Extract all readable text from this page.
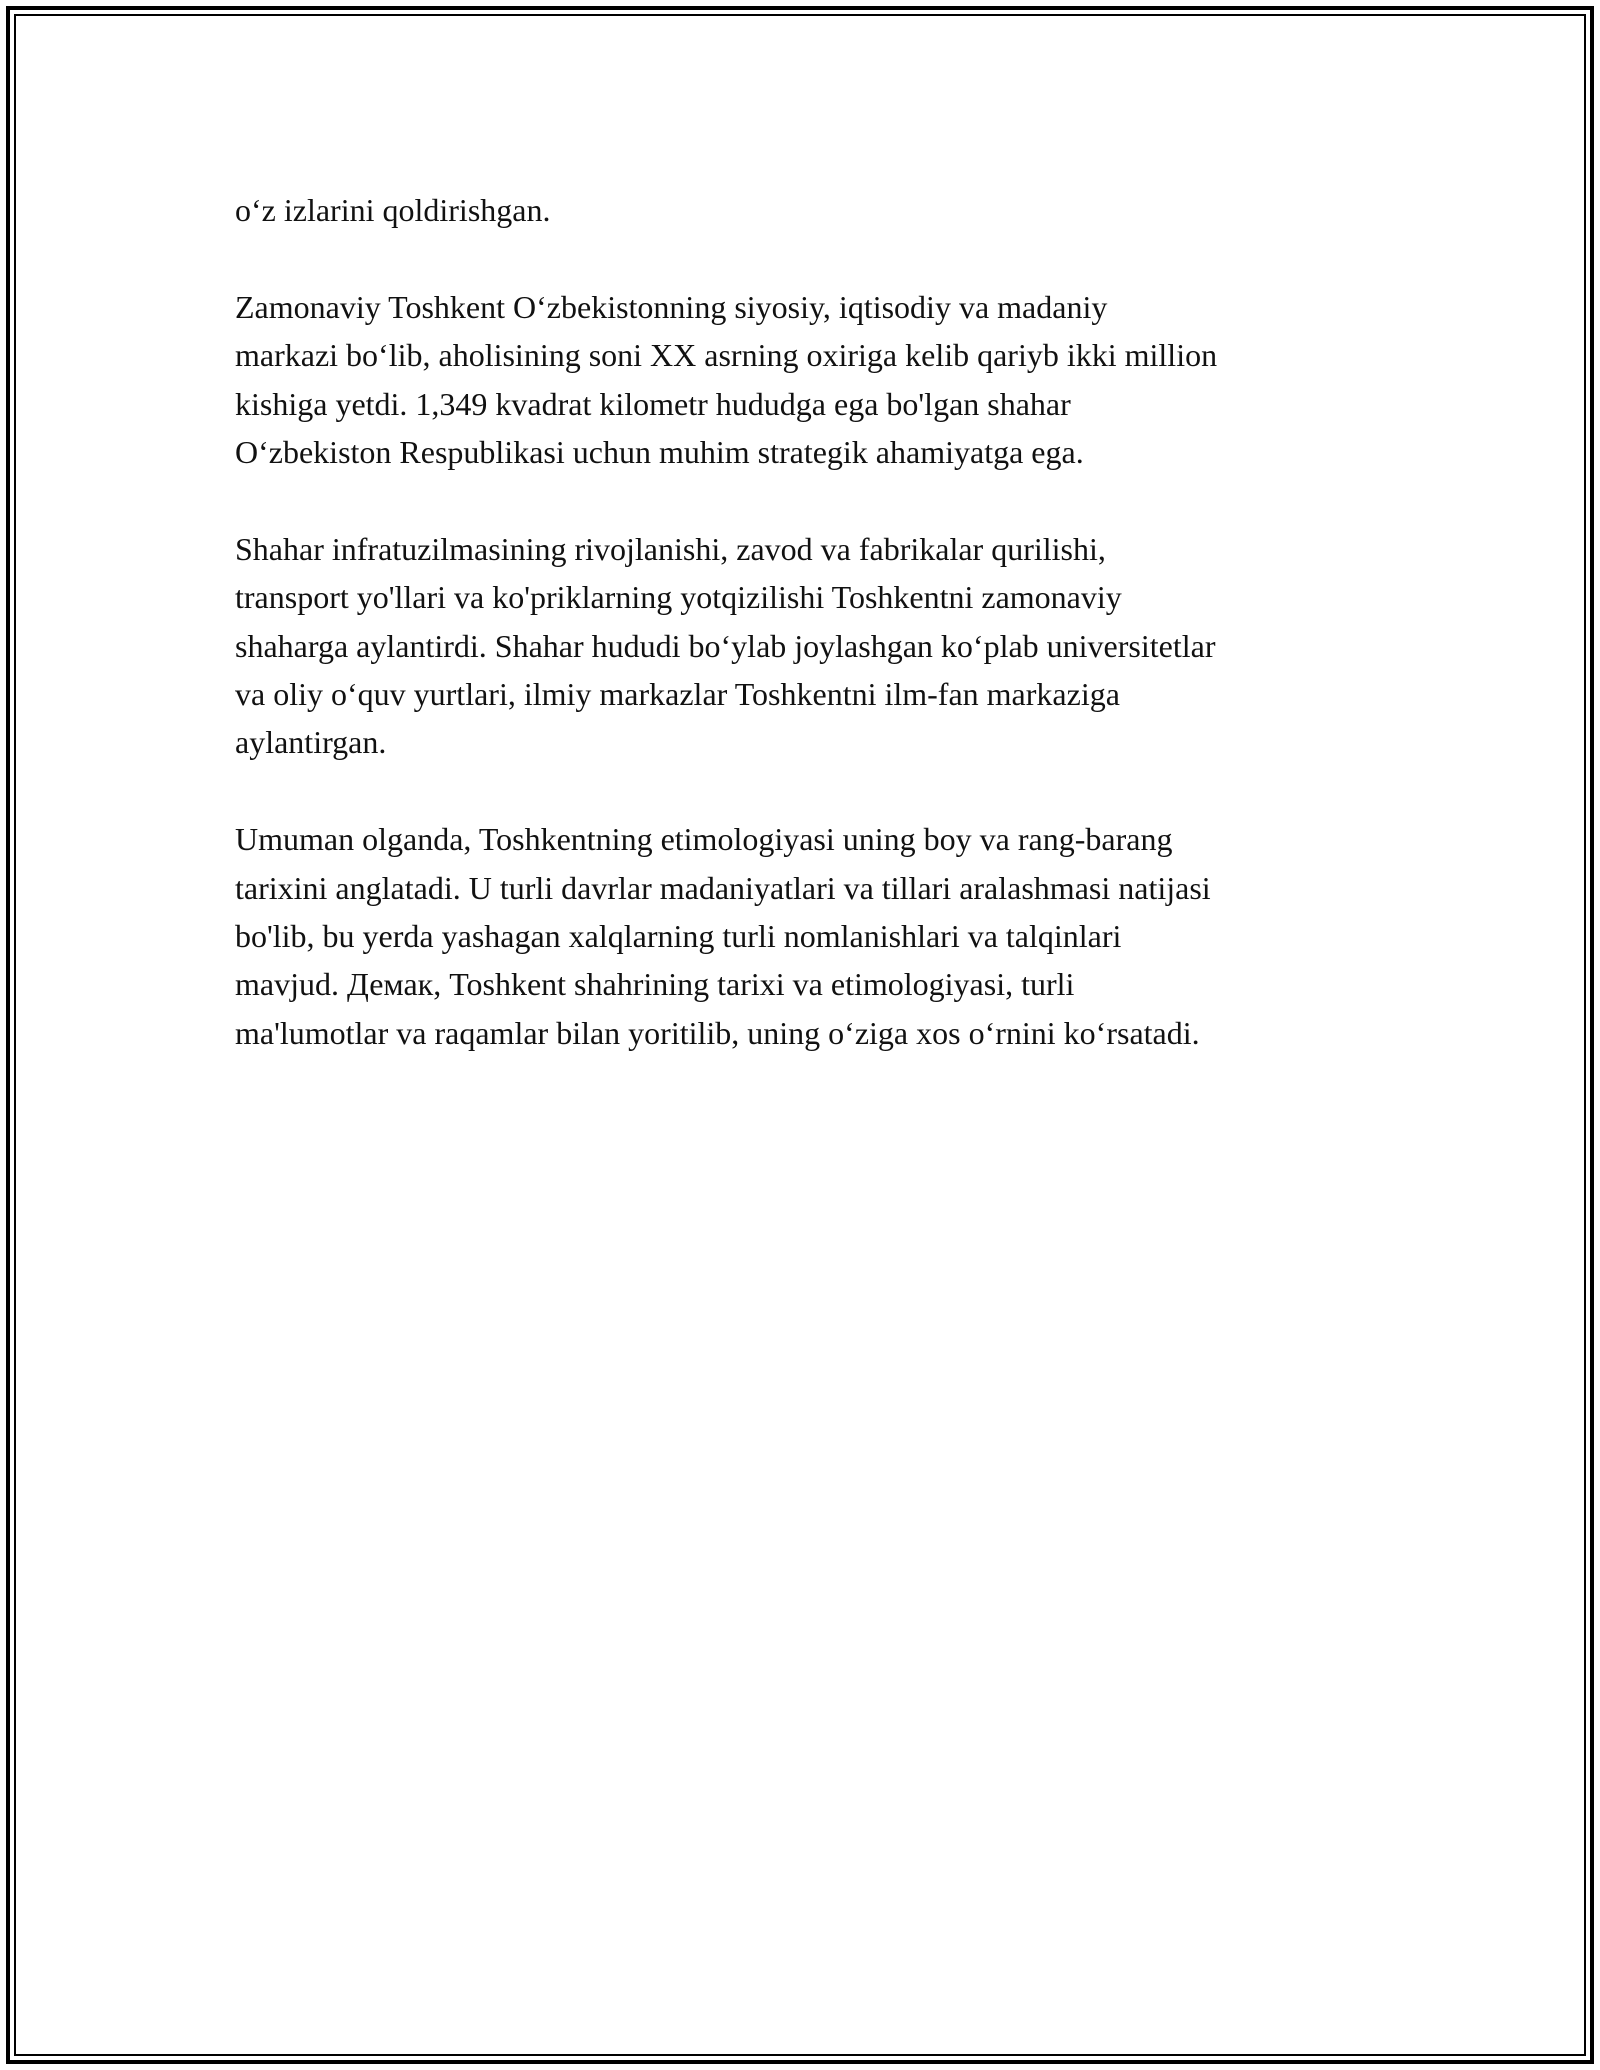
o‘z izlarini qoldirishgan.

Zamonaviy Toshkent O‘zbekistonning siyosiy, iqtisodiy va madaniy
markazi bo‘lib, aholisining soni XX asrning oxiriga kelib qariyb ikki million
kishiga yetdi. 1,349 kvadrat kilometr hududga ega bo'lgan shahar
O‘zbekiston Respublikasi uchun muhim strategik ahamiyatga ega.

Shahar infratuzilmasining rivojlanishi, zavod va fabrikalar qurilishi,
transport yo'llari va ko'priklarning yotqizilishi Toshkentni zamonaviy
shaharga aylantirdi. Shahar hududi bo‘ylab joylashgan ko‘plab universitetlar
va oliy o‘quv yurtlari, ilmiy markazlar Toshkentni ilm-fan markaziga
aylantirgan.

Umuman olganda, Toshkentning etimologiyasi uning boy va rang-barang
tarixini anglatadi. U turli davrlar madaniyatlari va tillari aralashmasi natijasi
bo'lib, bu yerda yashagan xalqlarning turli nomlanishlari va talqinlari
mavjud. Демак, Toshkent shahrining tarixi va etimologiyasi, turli
ma'lumotlar va raqamlar bilan yoritilib, uning o‘ziga xos o‘rnini ko‘rsatadi.
